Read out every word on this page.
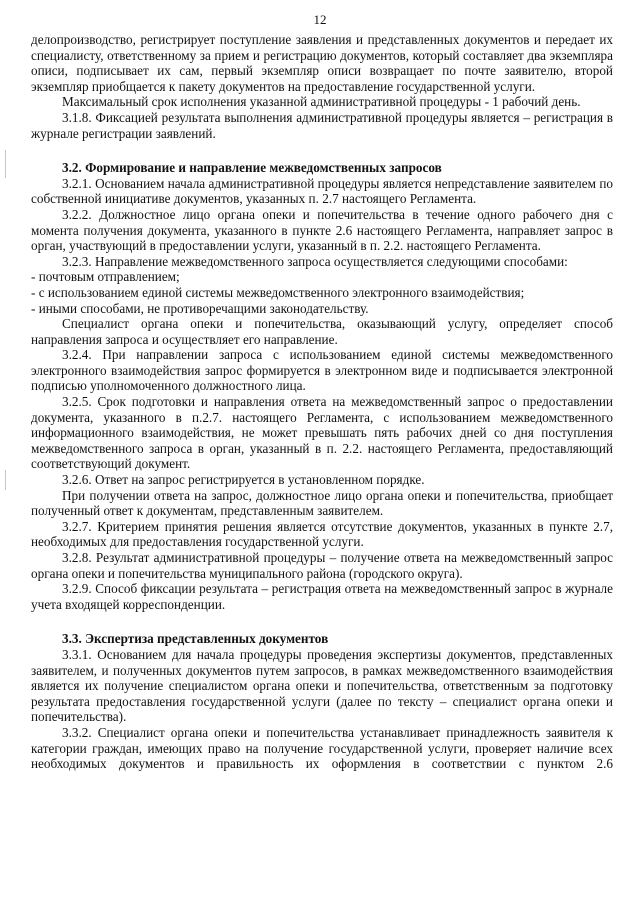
12

делопроизводство, регистрирует поступление заявления и представленных документов и передает их специалисту, ответственному за прием и регистрацию документов, который составляет два экземпляра описи, подписывает их сам, первый экземпляр описи возвращает по почте заявителю, второй экземпляр приобщается к пакету документов на предоставление государственной услуги.

Максимальный срок исполнения указанной административной процедуры - 1 рабочий день.

3.1.8. Фиксацией результата выполнения административной процедуры является – регистрация в журнале регистрации заявлений.

3.2. Формирование и направление межведомственных запросов

3.2.1. Основанием начала административной процедуры является непредставление заявителем по собственной инициативе документов, указанных п. 2.7 настоящего Регламента.

3.2.2. Должностное лицо органа опеки и попечительства в течение одного рабочего дня с момента получения документа, указанного в пункте 2.6 настоящего Регламента, направляет запрос в орган, участвующий в предоставлении услуги, указанный в п. 2.2. настоящего Регламента.

3.2.3. Направление межведомственного запроса осуществляется следующими способами:

- почтовым отправлением;

- с использованием единой системы межведомственного электронного взаимодействия;

- иными способами, не противоречащими законодательству.

Специалист органа опеки и попечительства, оказывающий услугу, определяет способ направления запроса и осуществляет его направление.

3.2.4. При направлении запроса с использованием единой системы межведомственного электронного взаимодействия запрос формируется в электронном виде и подписывается электронной подписью уполномоченного должностного лица.

3.2.5. Срок подготовки и направления ответа на межведомственный запрос о предоставлении документа, указанного в п.2.7. настоящего Регламента, с использованием межведомственного информационного взаимодействия, не может превышать пять рабочих дней со дня поступления межведомственного запроса в орган, указанный в п. 2.2. настоящего Регламента, предоставляющий соответствующий документ.

3.2.6. Ответ на запрос регистрируется в установленном порядке.

При получении ответа на запрос, должностное лицо органа опеки и попечительства, приобщает полученный ответ к документам, представленным заявителем.

3.2.7. Критерием принятия решения является отсутствие документов, указанных в пункте 2.7, необходимых для предоставления государственной услуги.

3.2.8. Результат административной процедуры – получение ответа на межведомственный запрос органа опеки и попечительства муниципального района (городского округа).

3.2.9. Способ фиксации результата – регистрация ответа на межведомственный запрос в журнале учета входящей корреспонденции.

3.3. Экспертиза представленных документов

3.3.1. Основанием для начала процедуры проведения экспертизы документов, представленных заявителем, и полученных документов путем запросов, в рамках межведомственного взаимодействия является их получение специалистом органа опеки и попечительства, ответственным за подготовку результата предоставления государственной услуги (далее по тексту – специалист органа опеки и попечительства).

3.3.2. Специалист органа опеки и попечительства устанавливает принадлежность заявителя к категории граждан, имеющих право на получение государственной услуги, проверяет наличие всех необходимых документов и правильность их оформления в соответствии с пунктом 2.6
